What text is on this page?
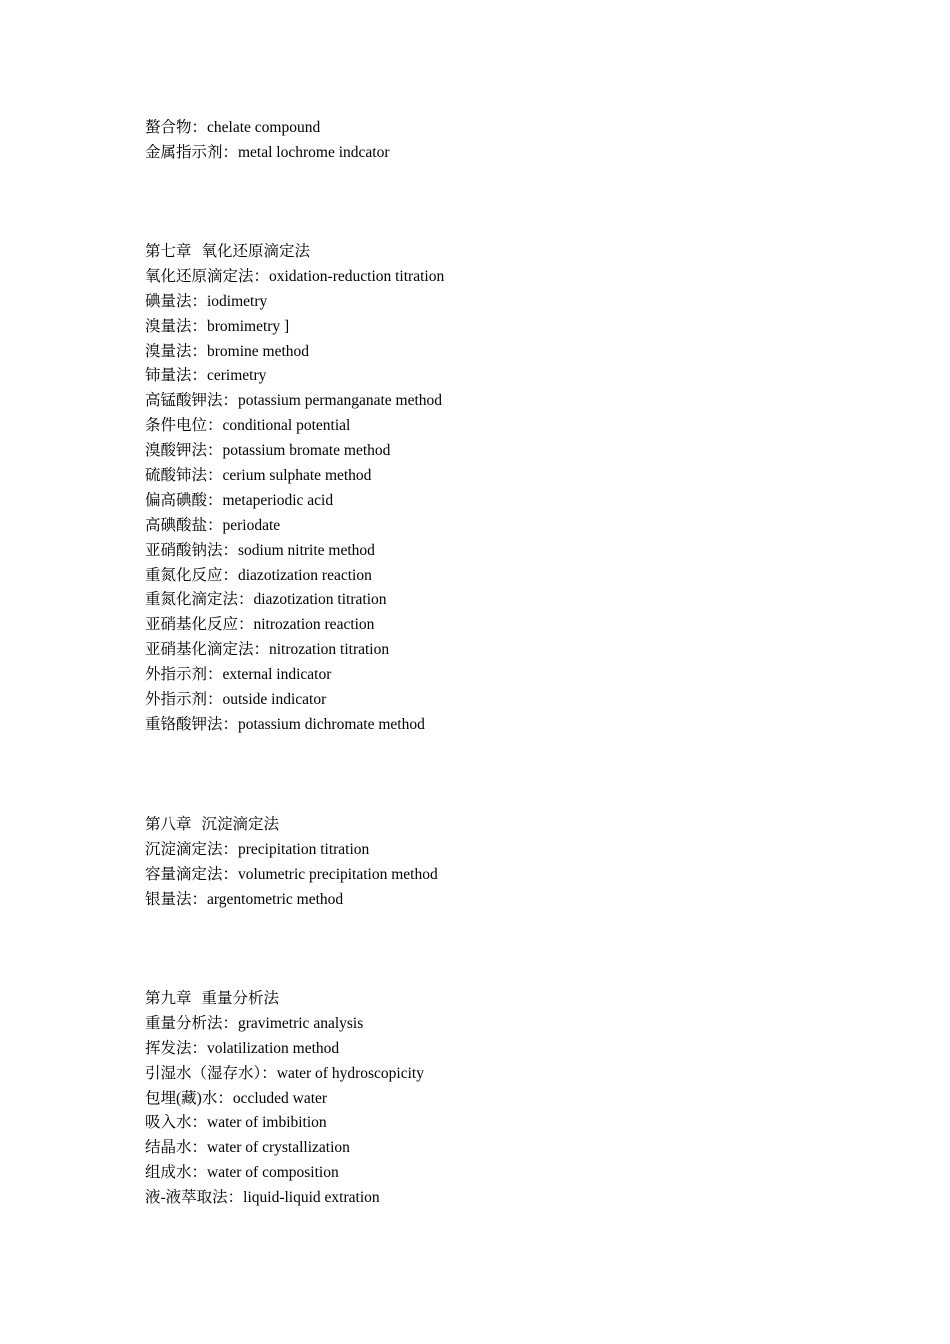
螯合物：chelate compound
金属指示剂：metal lochrome indcator
第七章 氧化还原滴定法
氧化还原滴定法：oxidation-reduction titration
碘量法：iodimetry
溴量法：bromimetry ]
溴量法：bromine method
铈量法：cerimetry
高锰酸钾法：potassium permanganate method
条件电位：conditional potential
溴酸钾法：potassium bromate method
硫酸铈法：cerium sulphate method
偏高碘酸：metaperiodic acid
高碘酸盐：periodate
亚硝酸钠法：sodium nitrite method
重氮化反应：diazotization reaction
重氮化滴定法：diazotization titration
亚硝基化反应：nitrozation reaction
亚硝基化滴定法：nitrozation titration
外指示剂：external indicator
外指示剂：outside indicator
重铬酸钾法：potassium dichromate method
第八章 沉淀滴定法
沉淀滴定法：precipitation titration
容量滴定法：volumetric precipitation method
银量法：argentometric method
第九章 重量分析法
重量分析法：gravimetric analysis
挥发法：volatilization method
引湿水（湿存水）：water of hydroscopicity
包埋(藏)水：occluded water
吸入水：water of imbibition
结晶水：water of crystallization
组成水：water of composition
液-液萃取法：liquid-liquid extration
